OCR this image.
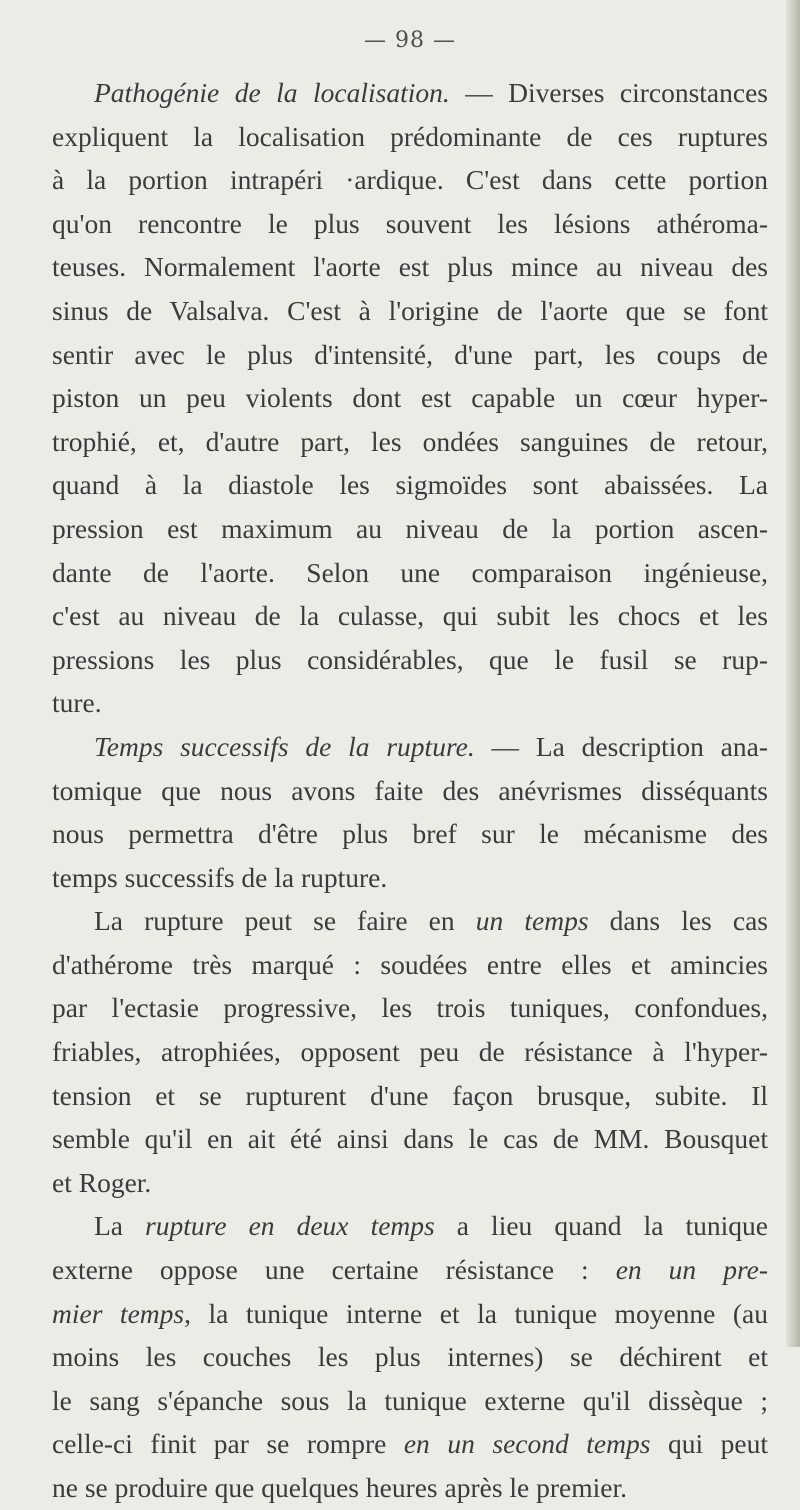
— 98 —
Pathogénie de la localisation. — Diverses circonstances
expliquent la localisation prédominante de ces ruptures
à la portion intrapéri ·ardique. C'est dans cette portion
qu'on rencontre le plus souvent les lésions athéroma-
teuses. Normalement l'aorte est plus mince au niveau des
sinus de Valsalva. C'est à l'origine de l'aorte que se font
sentir avec le plus d'intensité, d'une part, les coups de
piston un peu violents dont est capable un cœur hyper-
trophié, et, d'autre part, les ondées sanguines de retour,
quand à la diastole les sigmoïdes sont abaissées. La
pression est maximum au niveau de la portion ascen-
dante de l'aorte. Selon une comparaison ingénieuse,
c'est au niveau de la culasse, qui subit les chocs et les
pressions les plus considérables, que le fusil se rup-
ture.
Temps successifs de la rupture. — La description ana-
tomique que nous avons faite des anévrismes disséquants
nous permettra d'être plus bref sur le mécanisme des
temps successifs de la rupture.
La rupture peut se faire en un temps dans les cas
d'athérome très marqué : soudées entre elles et amincies
par l'ectasie progressive, les trois tuniques, confondues,
friables, atrophiées, opposent peu de résistance à l'hyper-
tension et se rupturent d'une façon brusque, subite. Il
semble qu'il en ait été ainsi dans le cas de MM. Bousquet
et Roger.
La rupture en deux temps a lieu quand la tunique
externe oppose une certaine résistance : en un pre-
mier temps, la tunique interne et la tunique moyenne (au
moins les couches les plus internes) se déchirent et
le sang s'épanche sous la tunique externe qu'il dissèque ;
celle-ci finit par se rompre en un second temps qui peut
ne se produire que quelques heures après le premier.
